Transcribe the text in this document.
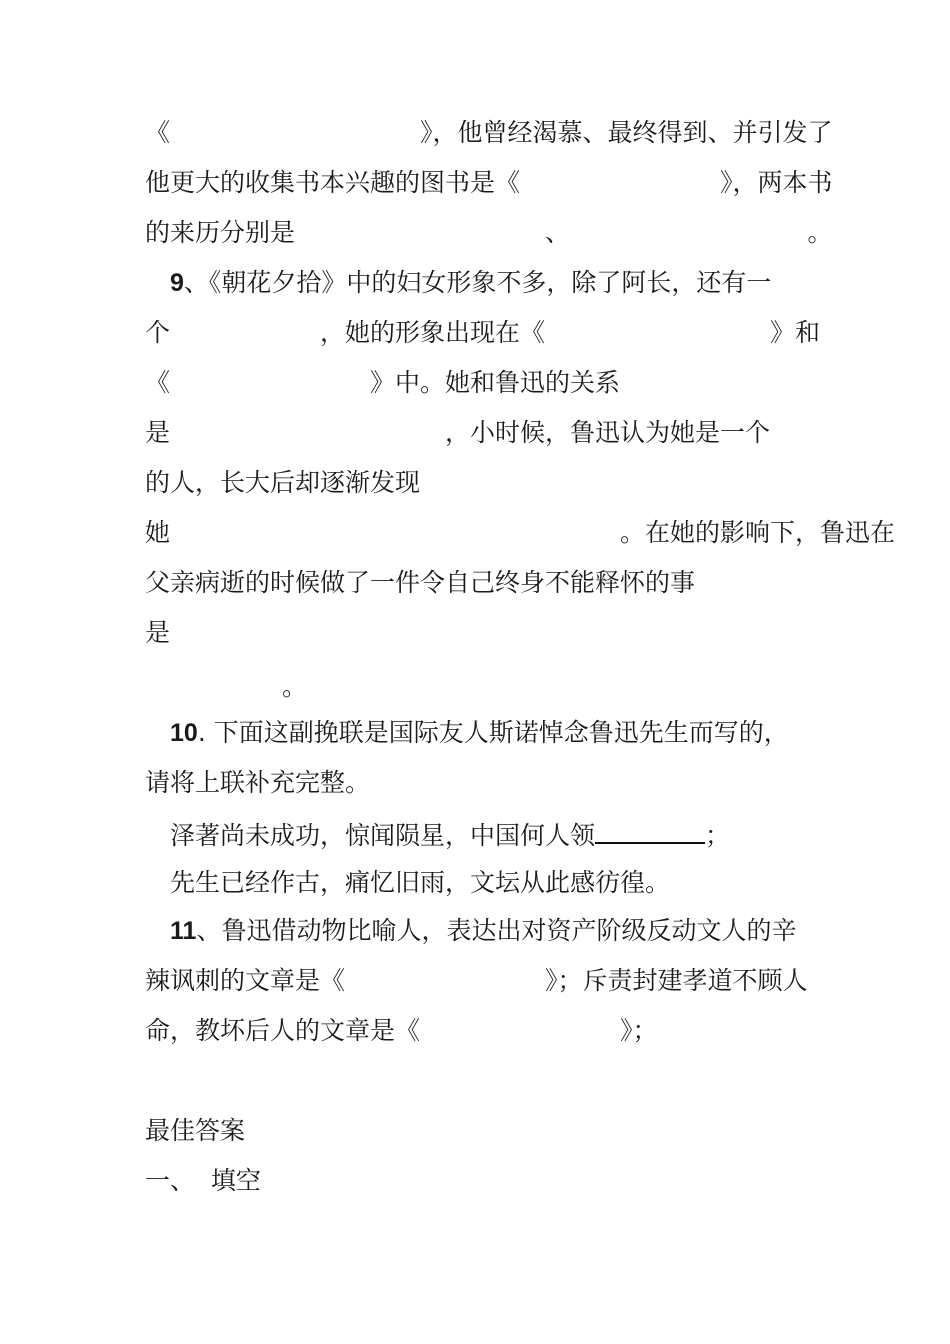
《　　　　　　　　　　》，他曾经渴慕、最终得到、并引发了
他更大的收集书本兴趣的图书是《　　　　　　　　》，两本书
的来历分别是　　　　　　　　　　、　　　　　　　　　　。
9、《朝花夕拾》中的妇女形象不多，除了阿长，还有一
个　　　　　　，她的形象出现在《　　　　　　　　　》和
《　　　　　　　　》中。她和鲁迅的关系
是　　　　　　　　　　　，小时候，鲁迅认为她是一个
的人，长大后却逐渐发现
她　　　　　　　　　　　　　　　　　　。在她的影响下，鲁迅在
父亲病逝的时候做了一件令自己终身不能释怀的事
是
。
10. 下面这副挽联是国际友人斯诺悼念鲁迅先生而写的，
请将上联补充完整。
泽著尚未成功，惊闻陨星，中国何人领	；
先生已经作古，痛忆旧雨，文坛从此感彷徨。
11、鲁迅借动物比喻人，表达出对资产阶级反动文人的辛
辣讽刺的文章是《　　　　　　　　》；斥责封建孝道不顾人
命，教坏后人的文章是《　　　　　　　　》；
最佳答案
一、  填空
